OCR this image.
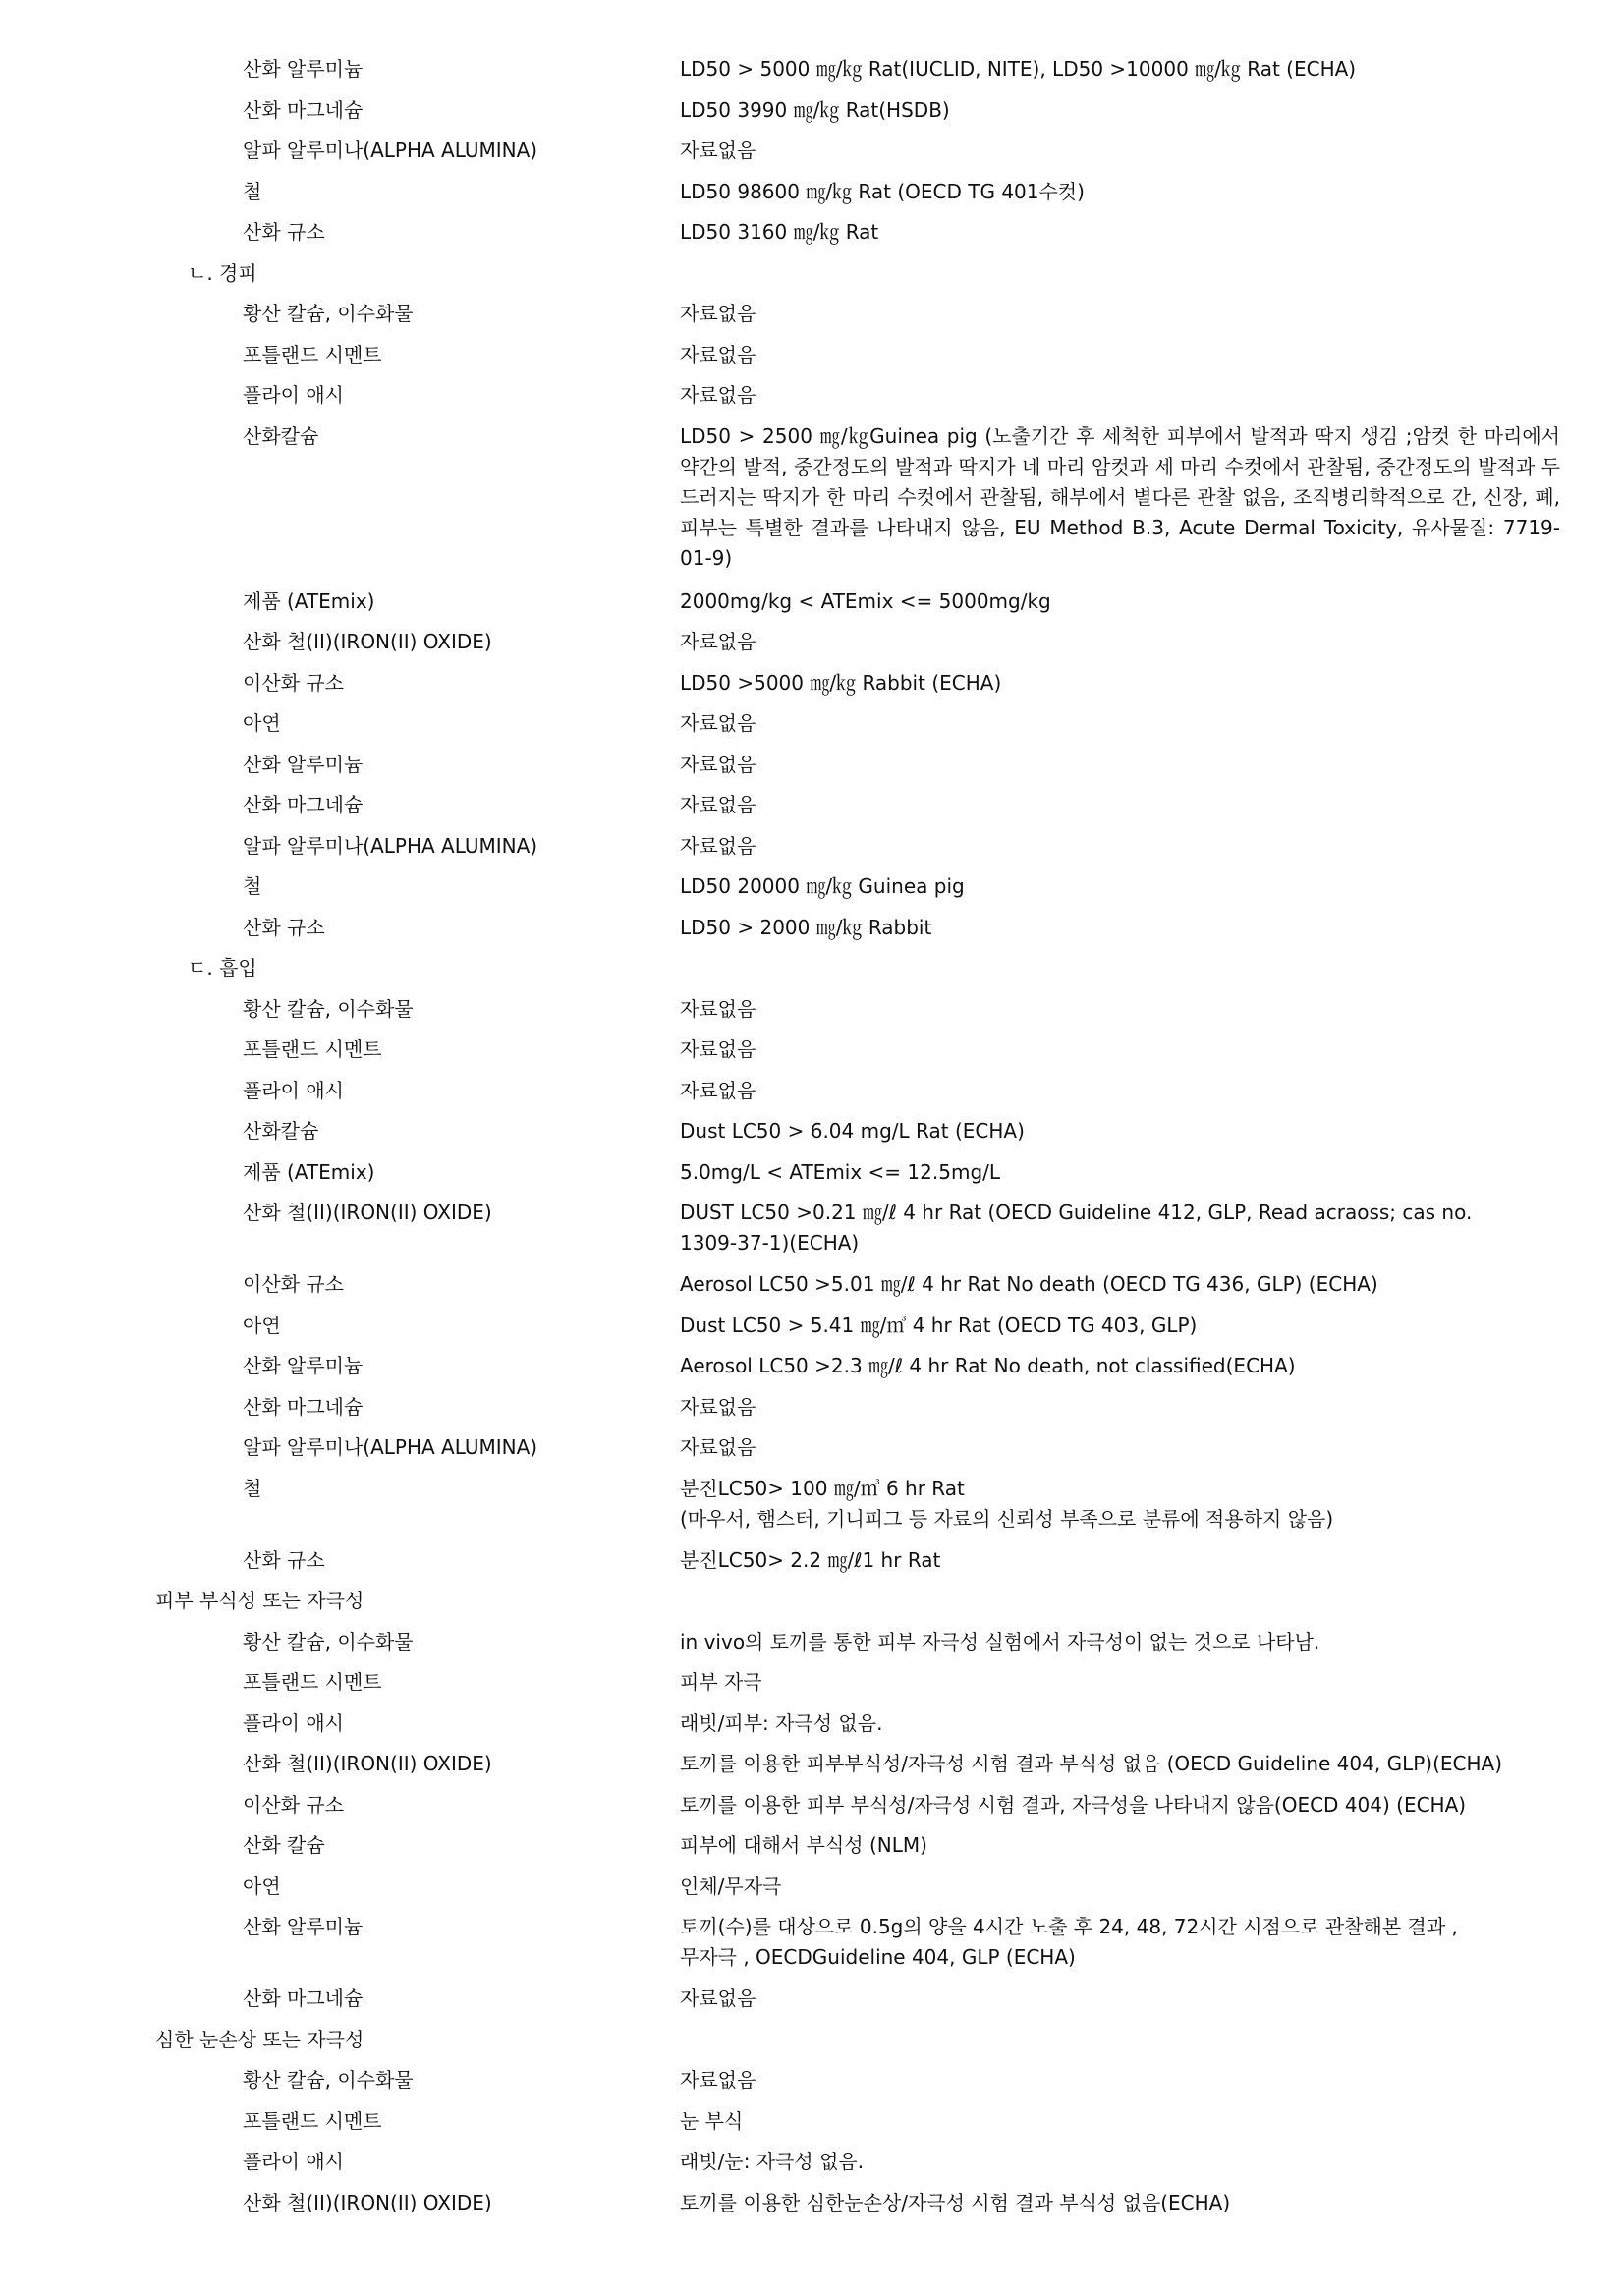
산화 알루미늄	LD50 > 5000 ㎎/㎏ Rat(IUCLID, NITE), LD50 >10000 ㎎/㎏ Rat (ECHA)
산화 마그네슘	LD50 3990 ㎎/㎏ Rat(HSDB)
알파 알루미나(ALPHA ALUMINA)	자료없음
철	LD50 98600 ㎎/㎏ Rat (OECD TG 401수컷)
산화 규소	LD50 3160 ㎎/㎏ Rat
ㄴ. 경피
황산 칼슘, 이수화물	자료없음
포틀랜드 시멘트	자료없음
플라이 애시	자료없음
산화칼슘	LD50 > 2500 ㎎/㎏Guinea pig (노출기간 후 세척한 피부에서 발적과 딱지 생김 ;암컷 한 마리에서 약간의 발적, 중간정도의 발적과 딱지가 네 마리 암컷과 세 마리 수컷에서 관찰됨, 중간정도의 발적과 두드러지는 딱지가 한 마리 수컷에서 관찰됨, 해부에서 별다른 관찰 없음, 조직병리학적으로 간, 신장, 폐, 피부는 특별한 결과를 나타내지 않음, EU Method B.3, Acute Dermal Toxicity, 유사물질: 7719-01-9)
제품 (ATEmix)	2000mg/kg < ATEmix <= 5000mg/kg
산화 철(II)(IRON(II) OXIDE)	자료없음
이산화 규소	LD50 >5000 ㎎/㎏ Rabbit (ECHA)
아연	자료없음
산화 알루미늄	자료없음
산화 마그네슘	자료없음
알파 알루미나(ALPHA ALUMINA)	자료없음
철	LD50 20000 ㎎/㎏ Guinea pig
산화 규소	LD50 > 2000 ㎎/㎏ Rabbit
ㄷ. 흡입
황산 칼슘, 이수화물	자료없음
포틀랜드 시멘트	자료없음
플라이 애시	자료없음
산화칼슘	Dust LC50 > 6.04 mg/L Rat (ECHA)
제품 (ATEmix)	5.0mg/L < ATEmix <= 12.5mg/L
산화 철(II)(IRON(II) OXIDE)	DUST LC50 >0.21 ㎎/ℓ 4 hr Rat (OECD Guideline 412, GLP, Read acraoss; cas no. 1309-37-1)(ECHA)
이산화 규소	Aerosol LC50 >5.01 ㎎/ℓ 4 hr Rat No death (OECD TG 436, GLP) (ECHA)
아연	Dust LC50 > 5.41 ㎎/㎥ 4 hr Rat (OECD TG 403, GLP)
산화 알루미늄	Aerosol LC50 >2.3 ㎎/ℓ 4 hr Rat No death, not classified(ECHA)
산화 마그네슘	자료없음
알파 알루미나(ALPHA ALUMINA)	자료없음
철	분진LC50> 100 ㎎/㎥ 6 hr Rat
(마우서, 햄스터, 기니피그 등 자료의 신뢰성 부족으로 분류에 적용하지 않음)
산화 규소	분진LC50> 2.2 ㎎/ℓ1 hr Rat
피부 부식성 또는 자극성
황산 칼슘, 이수화물	in vivo의 토끼를 통한 피부 자극성 실험에서 자극성이 없는 것으로 나타남.
포틀랜드 시멘트	피부 자극
플라이 애시	래빗/피부: 자극성 없음.
산화 철(II)(IRON(II) OXIDE)	토끼를 이용한 피부부식성/자극성 시험 결과 부식성 없음 (OECD Guideline 404, GLP)(ECHA)
이산화 규소	토끼를 이용한 피부 부식성/자극성 시험 결과, 자극성을 나타내지 않음(OECD 404) (ECHA)
산화 칼슘	피부에 대해서 부식성 (NLM)
아연	인체/무자극
산화 알루미늄	토끼(수)를 대상으로 0.5g의 양을 4시간 노출 후 24, 48, 72시간 시점으로 관찰해본 결과 ,
무자극 , OECDGuideline 404, GLP (ECHA)
산화 마그네슘	자료없음
심한 눈손상 또는 자극성
황산 칼슘, 이수화물	자료없음
포틀랜드 시멘트	눈 부식
플라이 애시	래빗/눈: 자극성 없음.
산화 철(II)(IRON(II) OXIDE)	토끼를 이용한 심한눈손상/자극성 시험 결과 부식성 없음(ECHA)
